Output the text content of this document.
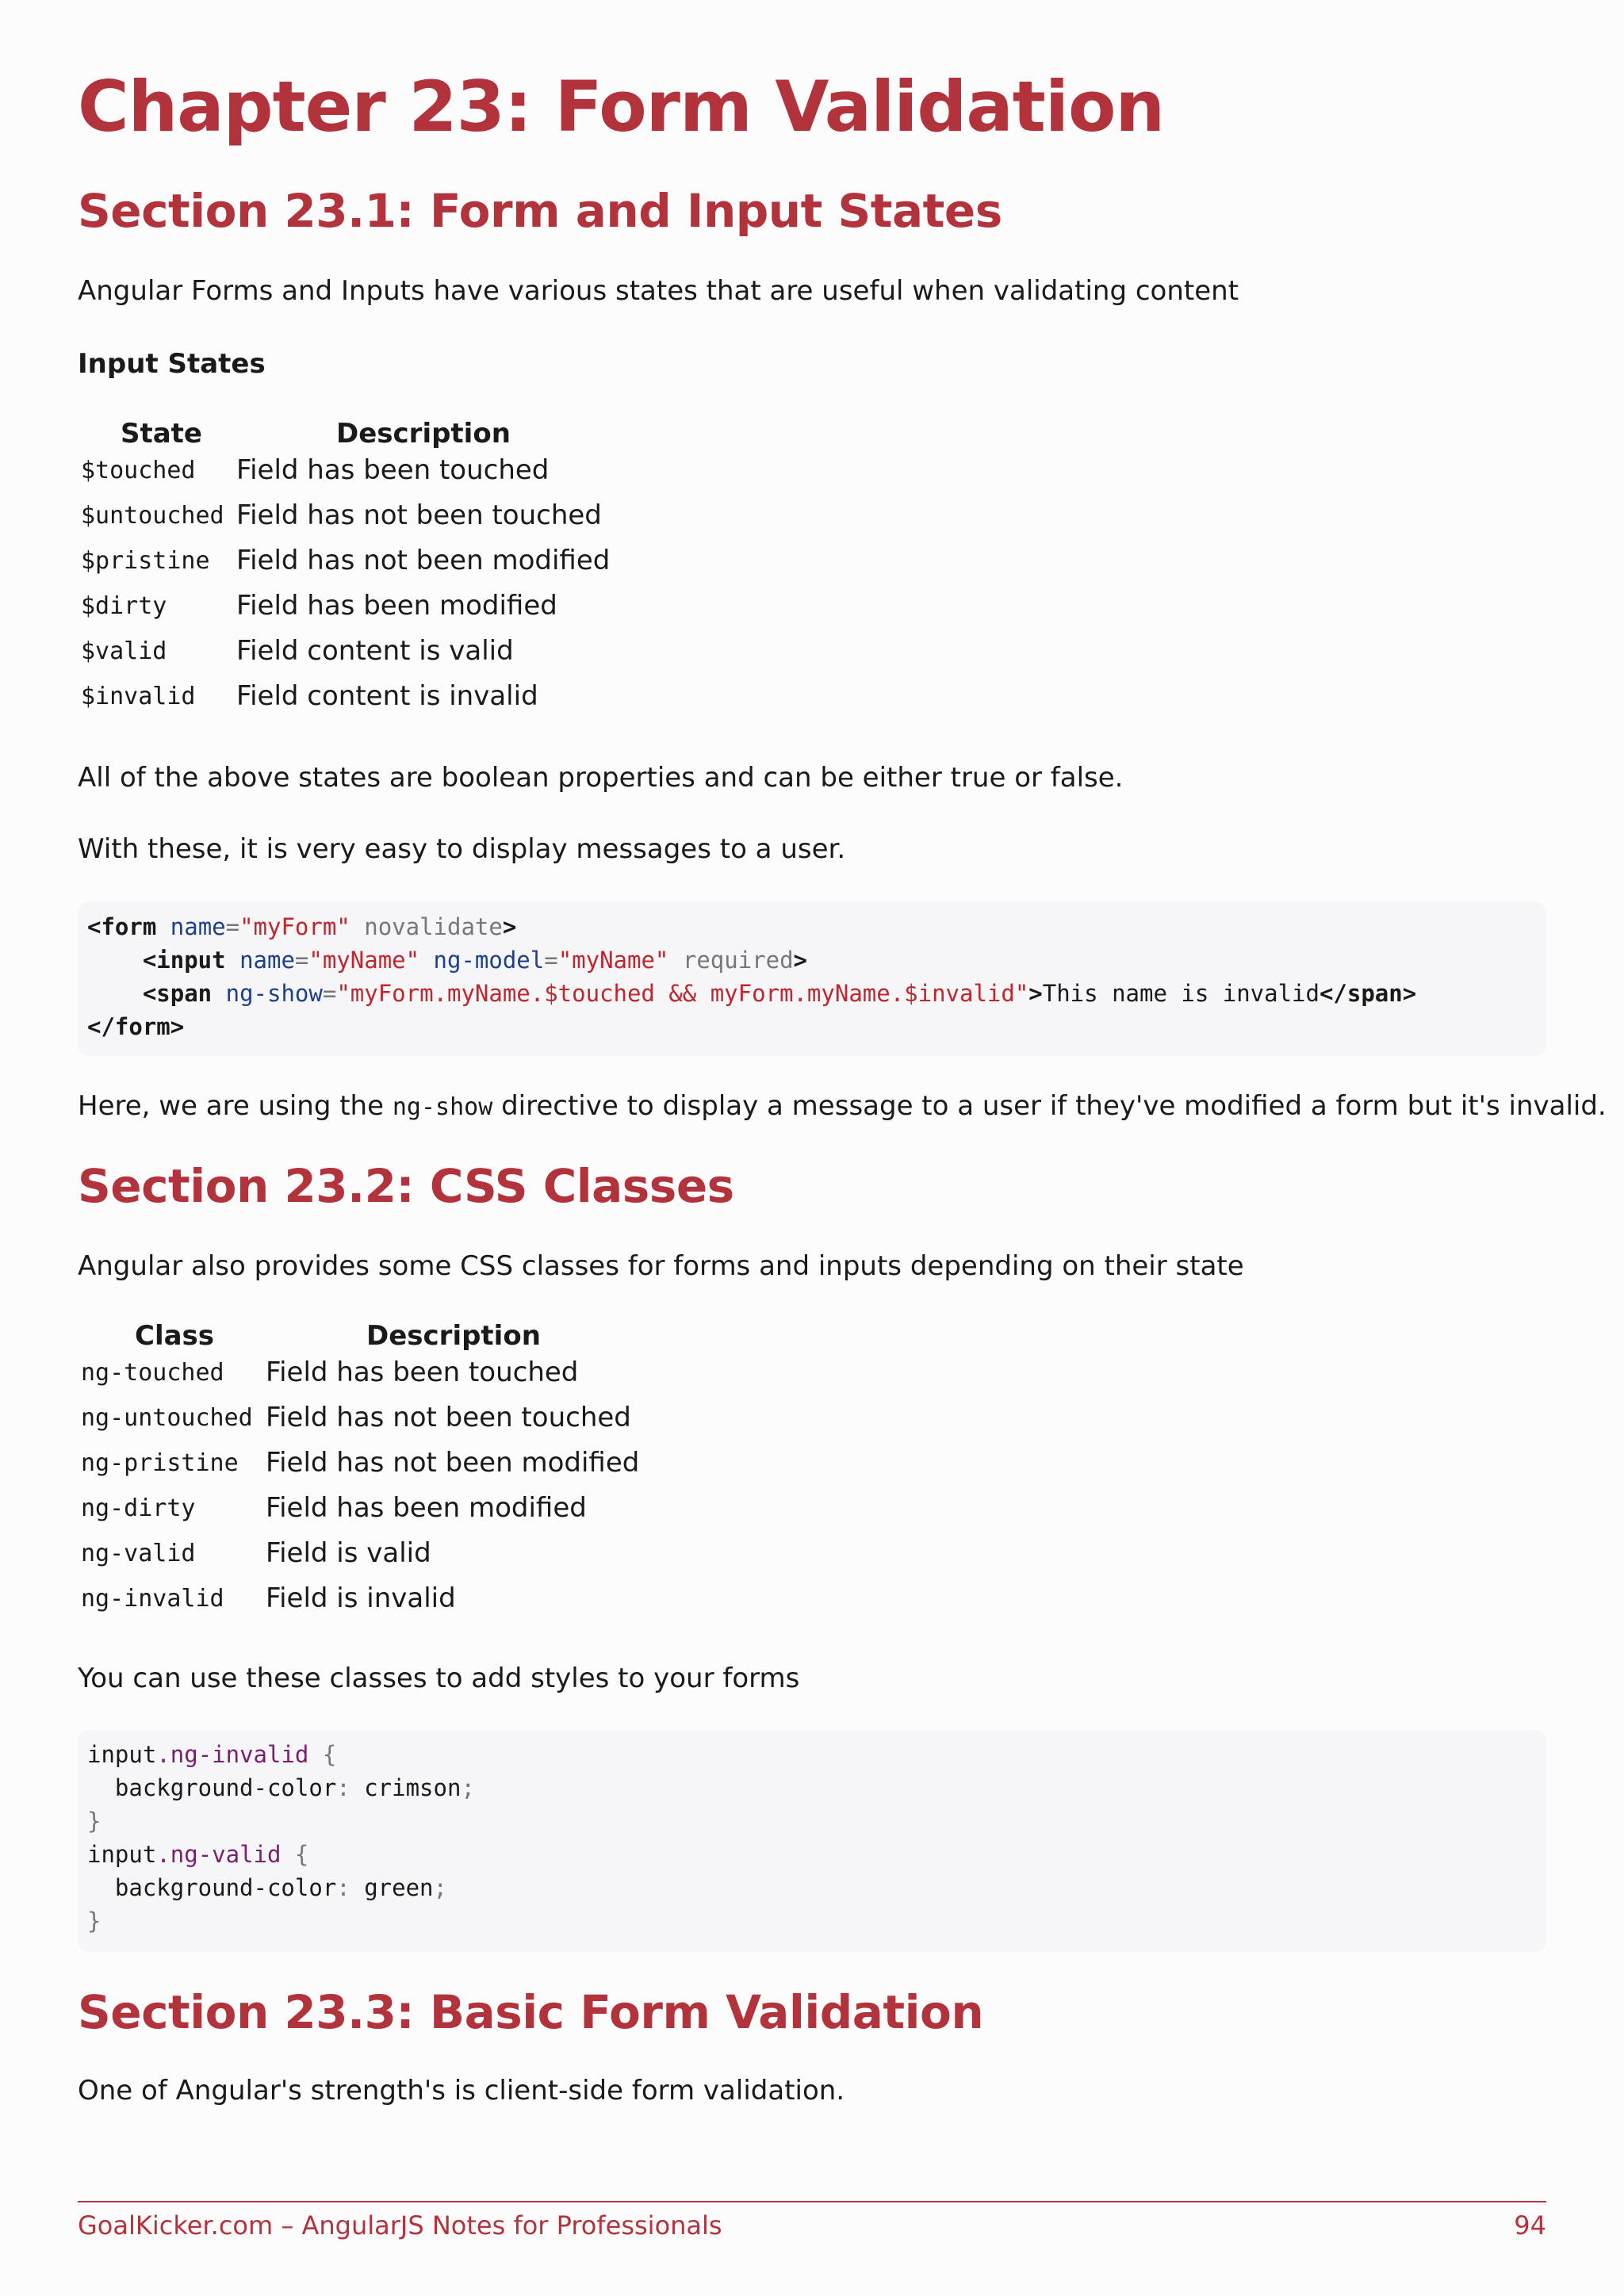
Chapter 23: Form Validation
Section 23.1: Form and Input States

Angular Forms and Inputs have various states that are useful when validating content

Input States

State	Description
$touched Field has been touched
$untouched Field has not been touched
$pristine Field has not been modified
$dirty	Field has been modified
$valid	Field content is valid
$invalid Field content is invalid

All of the above states are boolean properties and can be either true or false.

With these, it is very easy to display messages to a user.

<form name="myForm" novalidate>
<input name="myName" ng-model="myName" required>
<span ng-show="myForm.myName.$touched && myForm.myName.$invalid">This name is invalid</span>
</form>

Here, we are using the ng-show directive to display a message to a user if they've modified a form but it's invalid.

Section 23.2: CSS Classes

Angular also provides some CSS classes for forms and inputs depending on their state

Class	Description
ng-touched Field has been touched
ng-untouched Field has not been touched
ng-pristine Field has not been modified
ng-dirty	Field has been modified
ng-valid	Field is valid
ng-invalid Field is invalid

You can use these classes to add styles to your forms

input.ng-invalid {
background-color: crimson;
}
input.ng-valid {
background-color: green;
}
Section 23.3: Basic Form Validation

One of Angular's strength's is client-side form validation.

GoalKicker.com – AngularJS Notes for Professionals	94
